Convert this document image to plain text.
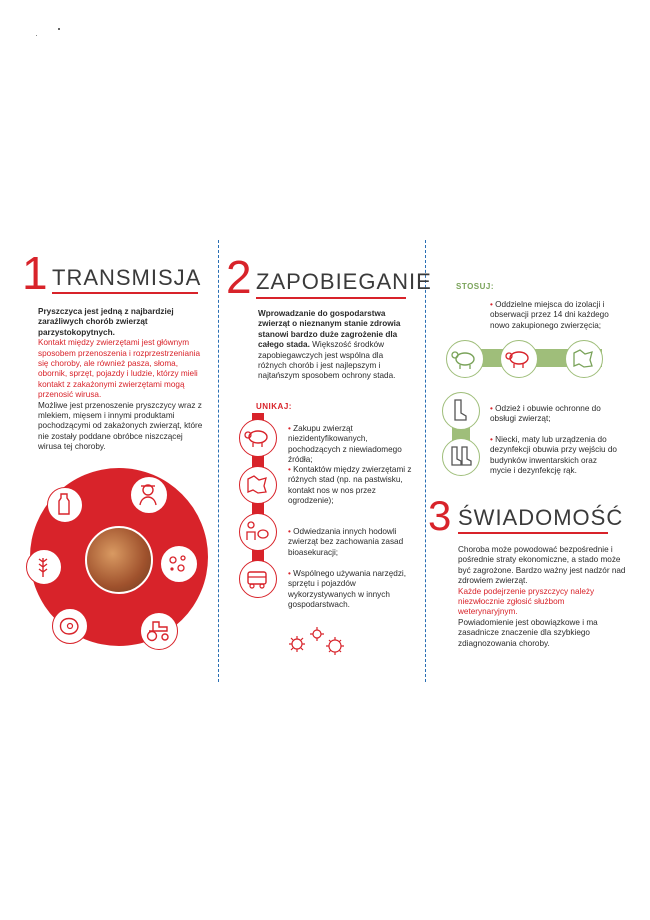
1 TRANSMISJA
Pryszczyca jest jedną z najbardziej zaraźliwych chorób zwierząt parzystokopytnych.
Kontakt między zwierzętami jest głównym sposobem przenoszenia i rozprzestrzeniania się choroby, ale również pasza, słoma, obornik, sprzęt, pojazdy i ludzie, którzy mieli kontakt z zakażonymi zwierzętami mogą przenosić wirusa.
Możliwe jest przenoszenie pryszczycy wraz z mlekiem, mięsem i innymi produktami pochodzącymi od zakażonych zwierząt, które nie zostały poddane obróbce niszczącej wirusa tej choroby.
2 ZAPOBIEGANIE
Wprowadzanie do gospodarstwa zwierząt o nieznanym stanie zdrowia stanowi bardzo duże zagrożenie dla całego stada. Większość środków zapobiegawczych jest wspólna dla różnych chorób i jest najlepszym i najtańszym sposobem ochrony stada.
UNIKAJ:
• Zakupu zwierząt niezidentyfikowanych, pochodzących z niewiadomego źródła;
• Kontaktów między zwierzętami z różnych stad (np. na pastwisku, kontakt nos w nos przez ogrodzenie);
• Odwiedzania innych hodowli zwierząt bez zachowania zasad bioasekuracji;
• Wspólnego używania narzędzi, sprzętu i pojazdów wykorzystywanych w innych gospodarstwach.
STOSUJ:
• Oddzielne miejsca do izolacji i obserwacji przez 14 dni każdego nowo zakupionego zwierzęcia;
• Odzież i obuwie ochronne do obsługi zwierząt;
• Niecki, maty lub urządzenia do dezynfekcji obuwia przy wejściu do budynków inwentarskich oraz mycie i dezynfekcję rąk.
3 ŚWIADOMOŚĆ
Choroba może powodować bezpośrednie i pośrednie straty ekonomiczne, a stado może być zagrożone. Bardzo ważny jest nadzór nad zdrowiem zwierząt.
Każde podejrzenie pryszczycy należy niezwłocznie zgłosić służbom weterynaryjnym.
Powiadomienie jest obowiązkowe i ma zasadnicze znaczenie dla szybkiego zdiagnozowania choroby.
